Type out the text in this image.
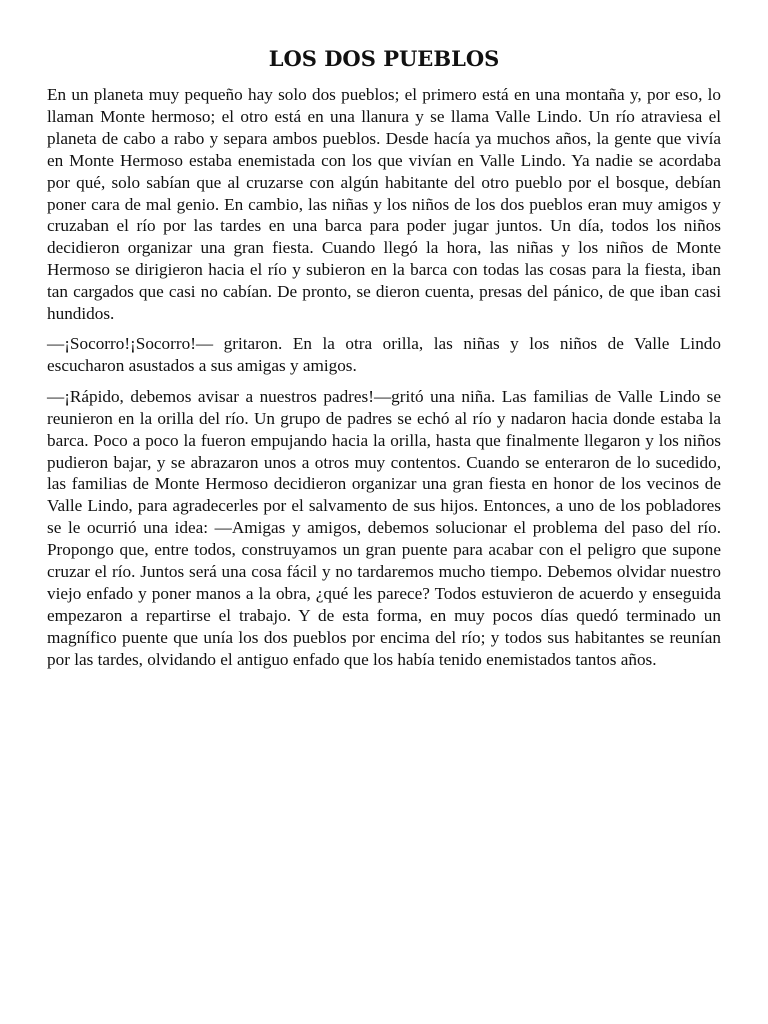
LOS DOS PUEBLOS

En un planeta muy pequeño hay solo dos pueblos; el primero está en una montaña y, por eso, lo llaman Monte hermoso; el otro está en una llanura y se llama Valle Lindo. Un río atraviesa el planeta de cabo a rabo y separa ambos pueblos. Desde hacía ya muchos años, la gente que vivía en Monte Hermoso estaba enemistada con los que vivían en Valle Lindo. Ya nadie se acordaba por qué, solo sabían que al cruzarse con algún habitante del otro pueblo por el bosque, debían poner cara de mal genio. En cambio, las niñas y los niños de los dos pueblos eran muy amigos y cruzaban el río por las tardes en una barca para poder jugar juntos. Un día, todos los niños decidieron organizar una gran fiesta. Cuando llegó la hora, las niñas y los niños de Monte Hermoso se dirigieron hacia el río y subieron en la barca con todas las cosas para la fiesta, iban tan cargados que casi no cabían. De pronto, se dieron cuenta, presas del pánico, de que iban casi hundidos.

—¡Socorro!¡Socorro!— gritaron. En la otra orilla, las niñas y los niños de Valle Lindo escucharon asustados a sus amigas y amigos.

—¡Rápido, debemos avisar a nuestros padres!—gritó una niña. Las familias de Valle Lindo se reunieron en la orilla del río. Un grupo de padres se echó al río y nadaron hacia donde estaba la barca. Poco a poco la fueron empujando hacia la orilla, hasta que finalmente llegaron y los niños pudieron bajar, y se abrazaron unos a otros muy contentos. Cuando se enteraron de lo sucedido, las familias de Monte Hermoso decidieron organizar una gran fiesta en honor de los vecinos de Valle Lindo, para agradecerles por el salvamento de sus hijos. Entonces, a uno de los pobladores se le ocurrió una idea: —Amigas y amigos, debemos solucionar el problema del paso del río. Propongo que, entre todos, construyamos un gran puente para acabar con el peligro que supone cruzar el río. Juntos será una cosa fácil y no tardaremos mucho tiempo. Debemos olvidar nuestro viejo enfado y poner manos a la obra, ¿qué les parece? Todos estuvieron de acuerdo y enseguida empezaron a repartirse el trabajo. Y de esta forma, en muy pocos días quedó terminado un magnífico puente que unía los dos pueblos por encima del río; y todos sus habitantes se reunían por las tardes, olvidando el antiguo enfado que los había tenido enemistados tantos años.
